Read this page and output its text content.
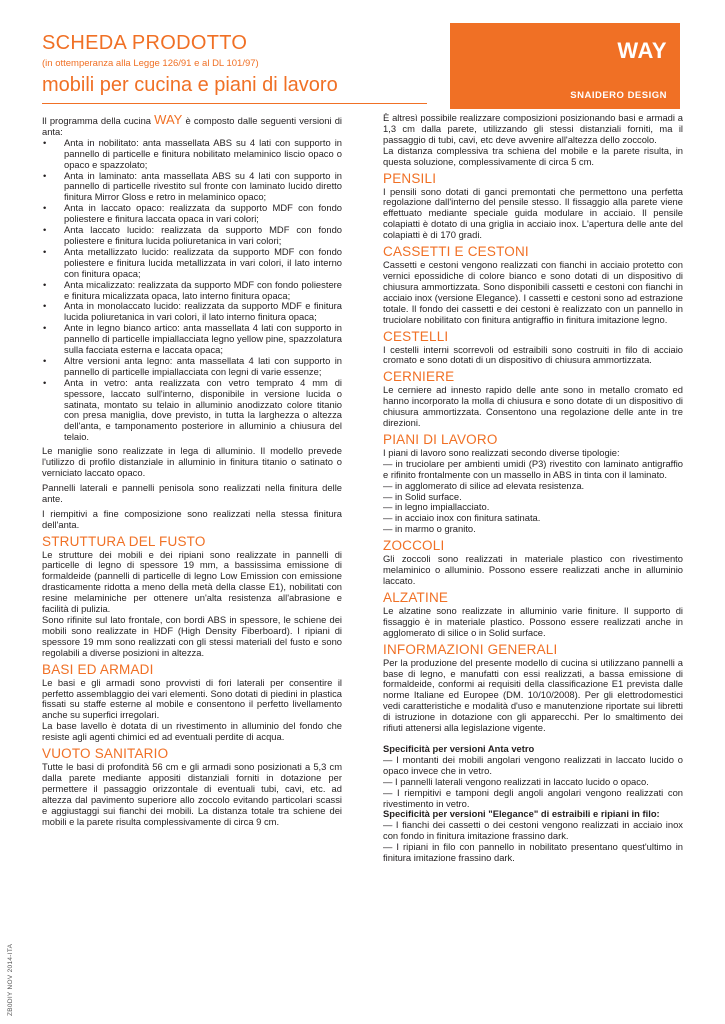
SCHEDA PRODOTTO
(in ottemperanza alla Legge 126/91 e al DL 101/97)
mobili per cucina e piani di lavoro
WAY
SNAIDERO DESIGN

Il programma della cucina WAY è composto dalle seguenti versioni di anta:

• Anta in nobilitato: anta massellata ABS su 4 lati con supporto in pannello di particelle e finitura nobilitato melaminico liscio opaco o opaco e spazzolato;
• Anta in laminato: anta massellata ABS su 4 lati con supporto in pannello di particelle rivestito sul fronte con laminato lucido diretto finitura Mirror Gloss e retro in melaminico opaco;
• Anta in laccato opaco: realizzata da supporto MDF con fondo poliestere e finitura laccata opaca in vari colori;
• Anta laccato lucido: realizzata da supporto MDF con fondo poliestere e finitura lucida poliuretanica in vari colori;
• Anta metallizzato lucido: realizzata da supporto MDF con fondo poliestere e finitura lucida metallizzata in vari colori, il lato interno con finitura opaca;
• Anta micalizzato: realizzata da supporto MDF con fondo poliestere e finitura micalizzata opaca, lato interno finitura opaca;
• Anta in monolaccato lucido: realizzata da supporto MDF e finitura lucida poliuretanica in vari colori, il lato interno finitura opaca;
• Ante in legno bianco artico: anta massellata 4 lati con supporto in pannello di particelle impiallacciata legno yellow pine, spazzolatura sulla facciata esterna e laccata opaca;
• Altre versioni anta legno: anta massellata 4 lati con supporto in pannello di particelle impiallacciata con legni di varie essenze;
• Anta in vetro: anta realizzata con vetro temprato 4 mm di spessore, laccato sull'interno, disponibile in versione lucida o satinata, montato su telaio in alluminio anodizzato colore titanio con presa maniglia, dove previsto, in tutta la larghezza o altezza dell'anta, e tamponamento posteriore in alluminio a chiusura del telaio.

Le maniglie sono realizzate in lega di alluminio. Il modello prevede l'utilizzo di profilo distanziale in alluminio in finitura titanio o satinato o verniciato laccato opaco.

Pannelli laterali e pannelli penisola sono realizzati nella finitura delle ante.

I riempitivi a fine composizione sono realizzati nella stessa finitura dell'anta.

STRUTTURA DEL FUSTO

Le strutture dei mobili e dei ripiani sono realizzate in pannelli di particelle di legno di spessore 19 mm, a bassissima emissione di formaldeide (pannelli di particelle di legno Low Emission con emissione drasticamente ridotta a meno della metà della classe E1), nobilitati con resine melaminiche per ottenere un'alta resistenza all'abrasione e facilità di pulizia.

Sono rifinite sul lato frontale, con bordi ABS in spessore, le schiene dei mobili sono realizzate in HDF (High Density Fiberboard). I ripiani di spessore 19 mm sono realizzati con gli stessi materiali del fusto e sono regolabili a diverse posizioni in altezza.

BASI ED ARMADI

Le basi e gli armadi sono provvisti di fori laterali per consentire il perfetto assemblaggio dei vari elementi. Sono dotati di piedini in plastica fissati su staffe esterne al mobile e consentono il perfetto livellamento anche su superfici irregolari.

La base lavello è dotata di un rivestimento in alluminio del fondo che resiste agli agenti chimici ed ad eventuali perdite di acqua.

VUOTO SANITARIO

Tutte le basi di profondità 56 cm e gli armadi sono posizionati a 5,3 cm dalla parete mediante appositi distanziali forniti in dotazione per permettere il passaggio orizzontale di eventuali tubi, cavi, etc. ad altezza dal pavimento superiore allo zoccolo evitando particolari scassi e aggiustaggi sui fianchi dei mobili. La distanza totale tra schiene dei mobili e la parete risulta complessivamente di circa 9 cm.

È altresì possibile realizzare composizioni posizionando basi e armadi a 1,3 cm dalla parete, utilizzando gli stessi distanziali forniti, ma il passaggio di tubi, cavi, etc deve avvenire all'altezza dello zoccolo.

La distanza complessiva tra schiena del mobile e la parete risulta, in questa soluzione, complessivamente di circa 5 cm.

PENSILI

I pensili sono dotati di ganci premontati che permettono una perfetta regolazione dall'interno del pensile stesso. Il fissaggio alla parete viene effettuato mediante speciale guida modulare in acciaio. Il pensile colapiatti è dotato di una griglia in acciaio inox. L'apertura delle ante del colapiatti è di 170 gradi.

CASSETTI E CESTONI

Cassetti e cestoni vengono realizzati con fianchi in acciaio protetto con vernici epossidiche di colore bianco e sono dotati di un dispositivo di chiusura ammortizzata. Sono disponibili cassetti e cestoni con fianchi in acciaio inox (versione Elegance). I cassetti e cestoni sono ad estrazione totale. Il fondo dei cassetti e dei cestoni è realizzato con un pannello in truciolare nobilitato con finitura antigraffio in finitura imitazione legno.

CESTELLI

I cestelli interni scorrevoli od estraibili sono costruiti in filo di acciaio cromato e sono dotati di un dispositivo di chiusura ammortizzata.

CERNIERE

Le cerniere ad innesto rapido delle ante sono in metallo cromato ed hanno incorporato la molla di chiusura e sono dotate di un dispositivo di chiusura ammortizzata. Consentono una regolazione delle ante in tre direzioni.

PIANI DI LAVORO
I piani di lavoro sono realizzati secondo diverse tipologie:
— in truciolare per ambienti umidi (P3) rivestito con laminato antigraffio e rifinito frontalmente con un massello in ABS in tinta con il laminato.
— in agglomerato di silice ad elevata resistenza.
— in Solid surface.
— in legno impiallacciato.
— in acciaio inox con finitura satinata.
— in marmo o granito.
ZOCCOLI

Gli zoccoli sono realizzati in materiale plastico con rivestimento melaminico o alluminio. Possono essere realizzati anche in alluminio laccato.

ALZATINE

Le alzatine sono realizzate in alluminio varie finiture. Il supporto di fissaggio è in materiale plastico. Possono essere realizzati anche in agglomerato di silice o in Solid surface.

INFORMAZIONI GENERALI

Per la produzione del presente modello di cucina si utilizzano pannelli a base di legno, e manufatti con essi realizzati, a bassa emissione di formaldeide, conformi ai requisiti della classificazione E1 prevista dalle norme Italiane ed Europee (DM. 10/10/2008). Per gli elettrodomestici vedi caratteristiche e modalità d'uso e manutenzione riportate sui libretti di istruzione in dotazione con gli apparecchi. Per lo smaltimento dei rifiuti attenersi alla legislazione vigente.

Specificità per versioni Anta vetro
— I montanti dei mobili angolari vengono realizzati in laccato lucido o opaco invece che in vetro.
— I pannelli laterali vengono realizzati in laccato lucido o opaco.
— I riempitivi e tamponi degli angoli angolari vengono realizzati con rivestimento in vetro.
Specificità per versioni "Elegance" di estraibili e ripiani in filo:
— I fianchi dei cassetti o dei cestoni vengono realizzati in acciaio inox con fondo in finitura imitazione frassino dark.
— I ripiani in filo con pannello in nobilitato presentano quest'ultimo in finitura imitazione frassino dark.
ZB0DIY NOV 2014-ITA
